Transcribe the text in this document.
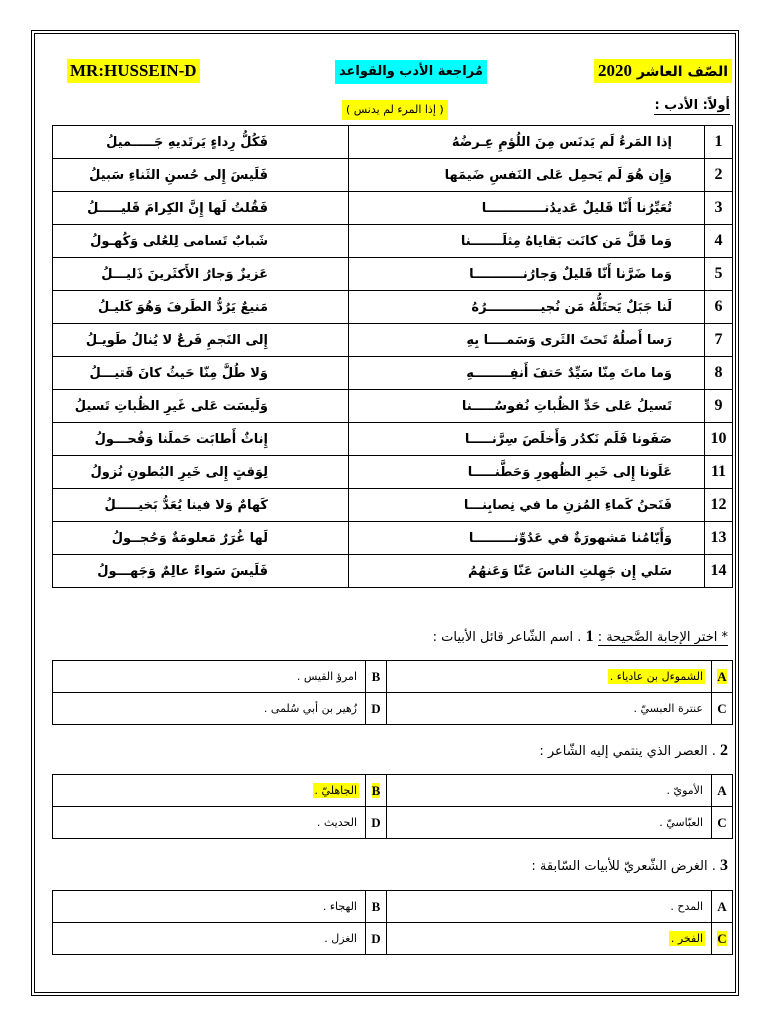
MR:HUSSEIN-D	مُراجعة الأدب والقواعد	الصّف العاشر 2020
أولاً: الأدب :
( إذا المرء لم يدنس )
1	إذا المَرءُ لَم يَدنَس مِنَ اللُؤمِ عِـرضُهُ	فَكُلُّ رِداءٍ يَرتَديهِ جَـــــميلُ
2	وَإِن هُوَ لَم يَحمِل عَلى النَفسِ ضَيمَها	فَلَيسَ إِلى حُسنِ الثَناءِ سَبيلُ
3	تُعَيِّرُنا أَنّا قَليلٌ عَديدُنـــــــــــــا	فَقُلتُ لَها إِنَّ الكِرامَ قَليـــــلُ
4	وَما قَلَّ مَن كانَت بَقاياهُ مِثلَـــــــنا	شَبابٌ تَسامى لِلعُلى وَكُهـولُ
5	وَما ضَرَّنا أَنّا قَليلٌ وَجارُنـــــــــــا	عَزيزٌ وَجارُ الأَكثَرينَ ذَليـــلُ
6	لَنا جَبَلٌ يَحتَلُّهُ مَن نُجيــــــــــــرُهُ	مَنيعٌ يَرُدُّ الطَرفَ وَهُوَ كَليـلُ
7	رَسا أَصلُهُ تَحتَ الثَرى وَسَمــــا بِهِ	إِلى النَجمِ فَرعٌ لا يُنالُ طَويـلُ
8	وَما ماتَ مِنّا سَيِّدٌ حَتفَ أَنفِــــــــهِ	وَلا طُلَّ مِنّا حَيثُ كانَ قَتيـــلُ
9	تَسيلُ عَلى حَدِّ الظُباتِ نُفوسُـــــنا	وَلَيسَت عَلى غَيرِ الظُباتِ تَسيلُ
10	صَفَونا فَلَم نَكدُر وَأَخلَصَ سِرَّنـــــا	إِناثٌ أَطابَت حَملَنا وَفُحـــولُ
11	عَلَونا إِلى خَيرِ الظُهورِ وَحَطَّنـــــا	لِوَقتٍ إِلى خَيرِ البُطونِ نُزولُ
12	فَنَحنُ كَماءِ المُزنِ ما في نِصابِنـــا	كَهامٌ وَلا فينا يُعَدُّ بَخيـــــلُ
13	وَأَيّامُنا مَشهورَةٌ في عَدُوِّنـــــــــا	لَها غُرَرٌ مَعلومَةٌ وَحُجــولُ
14	سَلي إِن جَهِلتِ الناسَ عَنّا وَعَنهُمُ	فَلَيسَ سَواءً عالِمٌ وَجَهـــولُ
* اختر الإجابة الصَّحيحة : 1 . اسم الشّاعر قائل الأبيات :
A	الشموءل بن عادياء .	B	امرؤ القيس .
C	عنترة العبسيّ .	D	زُهير بن أبي سُلمى .
2 . العصر الذي ينتمي إليه الشّاعر :
A	الأمويّ .	B	الجاهليّ .
C	العبّاسيّ .	D	الحديث .
3 . الغرض الشّعريّ للأبيات السّابقة :
A	المدح .	B	الهجاء .
C	الفخر .	D	الغزل .
